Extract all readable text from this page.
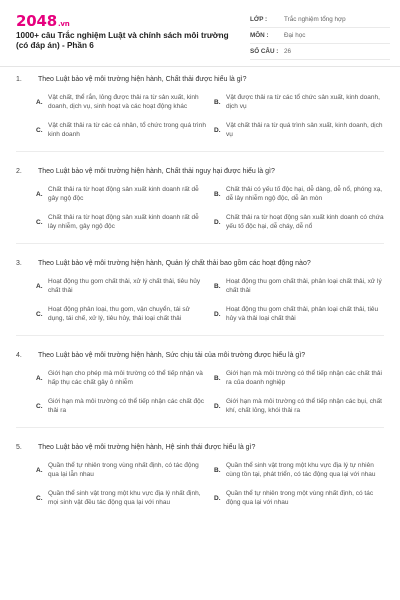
2048.vn
1000+ câu Trắc nghiệm Luật và chính sách môi trường (có đáp án) - Phần 6
LỚP :	Trắc nghiệm tổng hợp
MÔN :	Đại học
SỐ CÂU : 26
1.	Theo Luật bảo vệ môi trường hiện hành, Chất thải được hiểu là gì?
A.
Vật chất, thể rắn, lỏng được thải ra từ sản xuất, kinh doanh, dịch vụ, sinh hoạt và các hoạt động khác
B.
Vật được thải ra từ các tổ chức sản xuất, kinh doanh, dịch vụ
C.
Vật chất thải ra từ các cá nhân, tổ chức trong quá trình kinh doanh
D.
Vật chất thải ra từ quá trình sản xuất, kinh doanh, dịch vụ
2.	Theo Luật bảo vệ môi trường hiện hành, Chất thải nguy hại được hiểu là gì?
A.
Chất thải ra từ hoạt động sản xuất kinh doanh rất dễ gây ngộ độc
B.
Chất thải có yếu tố độc hại, dễ dàng, dễ nổ, phóng xạ, dễ lây nhiễm ngộ độc, dễ ăn mòn
C.
Chất thải ra từ hoạt động sản xuất kinh doanh rất dễ lây nhiễm, gây ngộ độc
D.
Chất thải ra từ hoạt động sản xuất kinh doanh có chứa yếu tố độc hại, dễ cháy, dễ nổ
3.	Theo Luật bảo vệ môi trường hiện hành, Quản lý chất thải bao gồm các hoạt động nào?
A.
Hoạt động thu gom chất thải, xử lý chất thải, tiêu hủy chất thải
B.
Hoạt động thu gom chất thải, phân loại chất thải, xử lý chất thải
C.
Hoạt động phân loại, thu gom, vận chuyển, tái sử dụng, tái chế, xử lý, tiêu hủy, thải loại chất thải
D.
Hoạt động thu gom chất thải, phân loại chất thải, tiêu hủy và thải loại chất thải
4.	Theo Luật bảo vệ môi trường hiện hành, Sức chịu tải của môi trường được hiểu là gì?
A.
Giới hạn cho phép mà môi trường có thể tiếp nhận và hấp thụ các chất gây ô nhiễm
B.
Giới hạn mà môi trường có thể tiếp nhận các chất thải ra của doanh nghiệp
C.
Giới hạn mà môi trường có thể tiếp nhận các chất độc thải ra
D.
Giới hạn mà môi trường có thể tiếp nhận các bụi, chất khí, chất lỏng, khói thải ra
5.	Theo Luật bảo vệ môi trường hiện hành, Hệ sinh thái được hiểu là gì?
A.
Quần thể tự nhiên trong vùng nhất định, có tác động qua lại lẫn nhau
B.
Quần thể sinh vật trong một khu vực địa lý tự nhiên cùng tồn tại, phát triển, có tác động qua lại với nhau
C.
Quần thể sinh vật trong một khu vực địa lý nhất định, mọi sinh vật đều tác động qua lại với nhau
D.
Quần thể tự nhiên trong một vùng nhất định, có tác động qua lại với nhau
